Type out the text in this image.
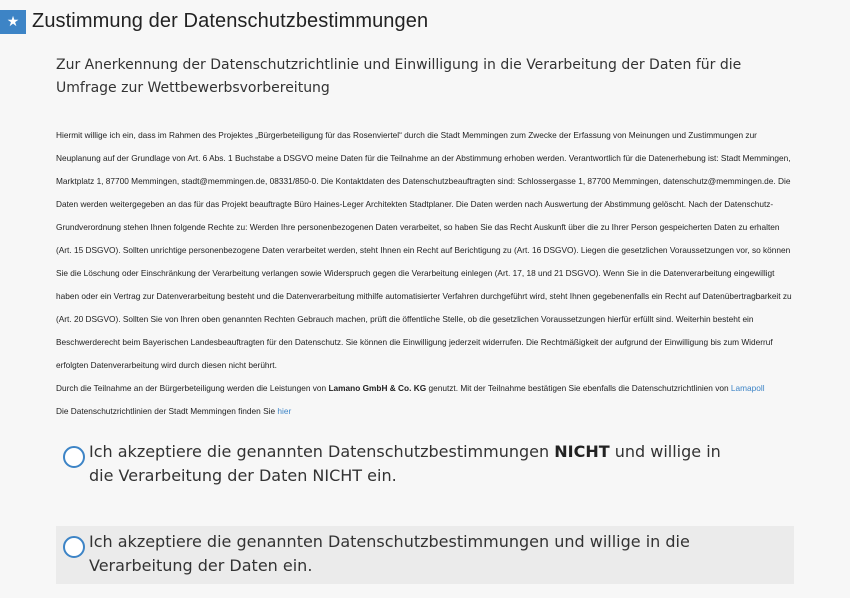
★ Zustimmung der Datenschutzbestimmungen
Zur Anerkennung der Datenschutzrichtlinie und Einwilligung in die Verarbeitung der Daten für die Umfrage zur Wettbewerbsvorbereitung

Hiermit willige ich ein, dass im Rahmen des Projektes „Bürgerbeteiligung für das Rosenviertel“ durch die Stadt Memmingen zum Zwecke der Erfassung von Meinungen und Zustimmungen zur Neuplanung auf der Grundlage von Art. 6 Abs. 1 Buchstabe a DSGVO meine Daten für die Teilnahme an der Abstimmung erhoben werden. Verantwortlich für die Datenerhebung ist: Stadt Memmingen, Marktplatz 1, 87700 Memmingen, stadt@memmingen.de, 08331/850-0. Die Kontaktdaten des Datenschutzbeauftragten sind: Schlossergasse 1, 87700 Memmingen, datenschutz@memmingen.de. Die Daten werden weitergegeben an das für das Projekt beauftragte Büro Haines-Leger Architekten Stadtplaner. Die Daten werden nach Auswertung der Abstimmung gelöscht. Nach der Datenschutz-Grundverordnung stehen Ihnen folgende Rechte zu: Werden Ihre personenbezogenen Daten verarbeitet, so haben Sie das Recht Auskunft über die zu Ihrer Person gespeicherten Daten zu erhalten (Art. 15 DSGVO). Sollten unrichtige personenbezogene Daten verarbeitet werden, steht Ihnen ein Recht auf Berichtigung zu (Art. 16 DSGVO). Liegen die gesetzlichen Voraussetzungen vor, so können Sie die Löschung oder Einschränkung der Verarbeitung verlangen sowie Widerspruch gegen die Verarbeitung einlegen (Art. 17, 18 und 21 DSGVO). Wenn Sie in die Datenverarbeitung eingewilligt haben oder ein Vertrag zur Datenverarbeitung besteht und die Datenverarbeitung mithilfe automatisierter Verfahren durchgeführt wird, steht Ihnen gegebenenfalls ein Recht auf Datenübertragbarkeit zu (Art. 20 DSGVO). Sollten Sie von Ihren oben genannten Rechten Gebrauch machen, prüft die öffentliche Stelle, ob die gesetzlichen Voraussetzungen hierfür erfüllt sind. Weiterhin besteht ein Beschwerderecht beim Bayerischen Landesbeauftragten für den Datenschutz. Sie können die Einwilligung jederzeit widerrufen. Die Rechtmäßigkeit der aufgrund der Einwilligung bis zum Widerruf erfolgten Datenverarbeitung wird durch diesen nicht berührt.

Durch die Teilnahme an der Bürgerbeteiligung werden die Leistungen von Lamano GmbH & Co. KG genutzt. Mit der Teilnahme bestätigen Sie ebenfalls die Datenschutzrichtlinien von Lamapoll

Die Datenschutzrichtlinien der Stadt Memmingen finden Sie hier

Ich akzeptiere die genannten Datenschutzbestimmungen NICHT und willige in die Verarbeitung der Daten NICHT ein.
Ich akzeptiere die genannten Datenschutzbestimmungen und willige in die Verarbeitung der Daten ein.
